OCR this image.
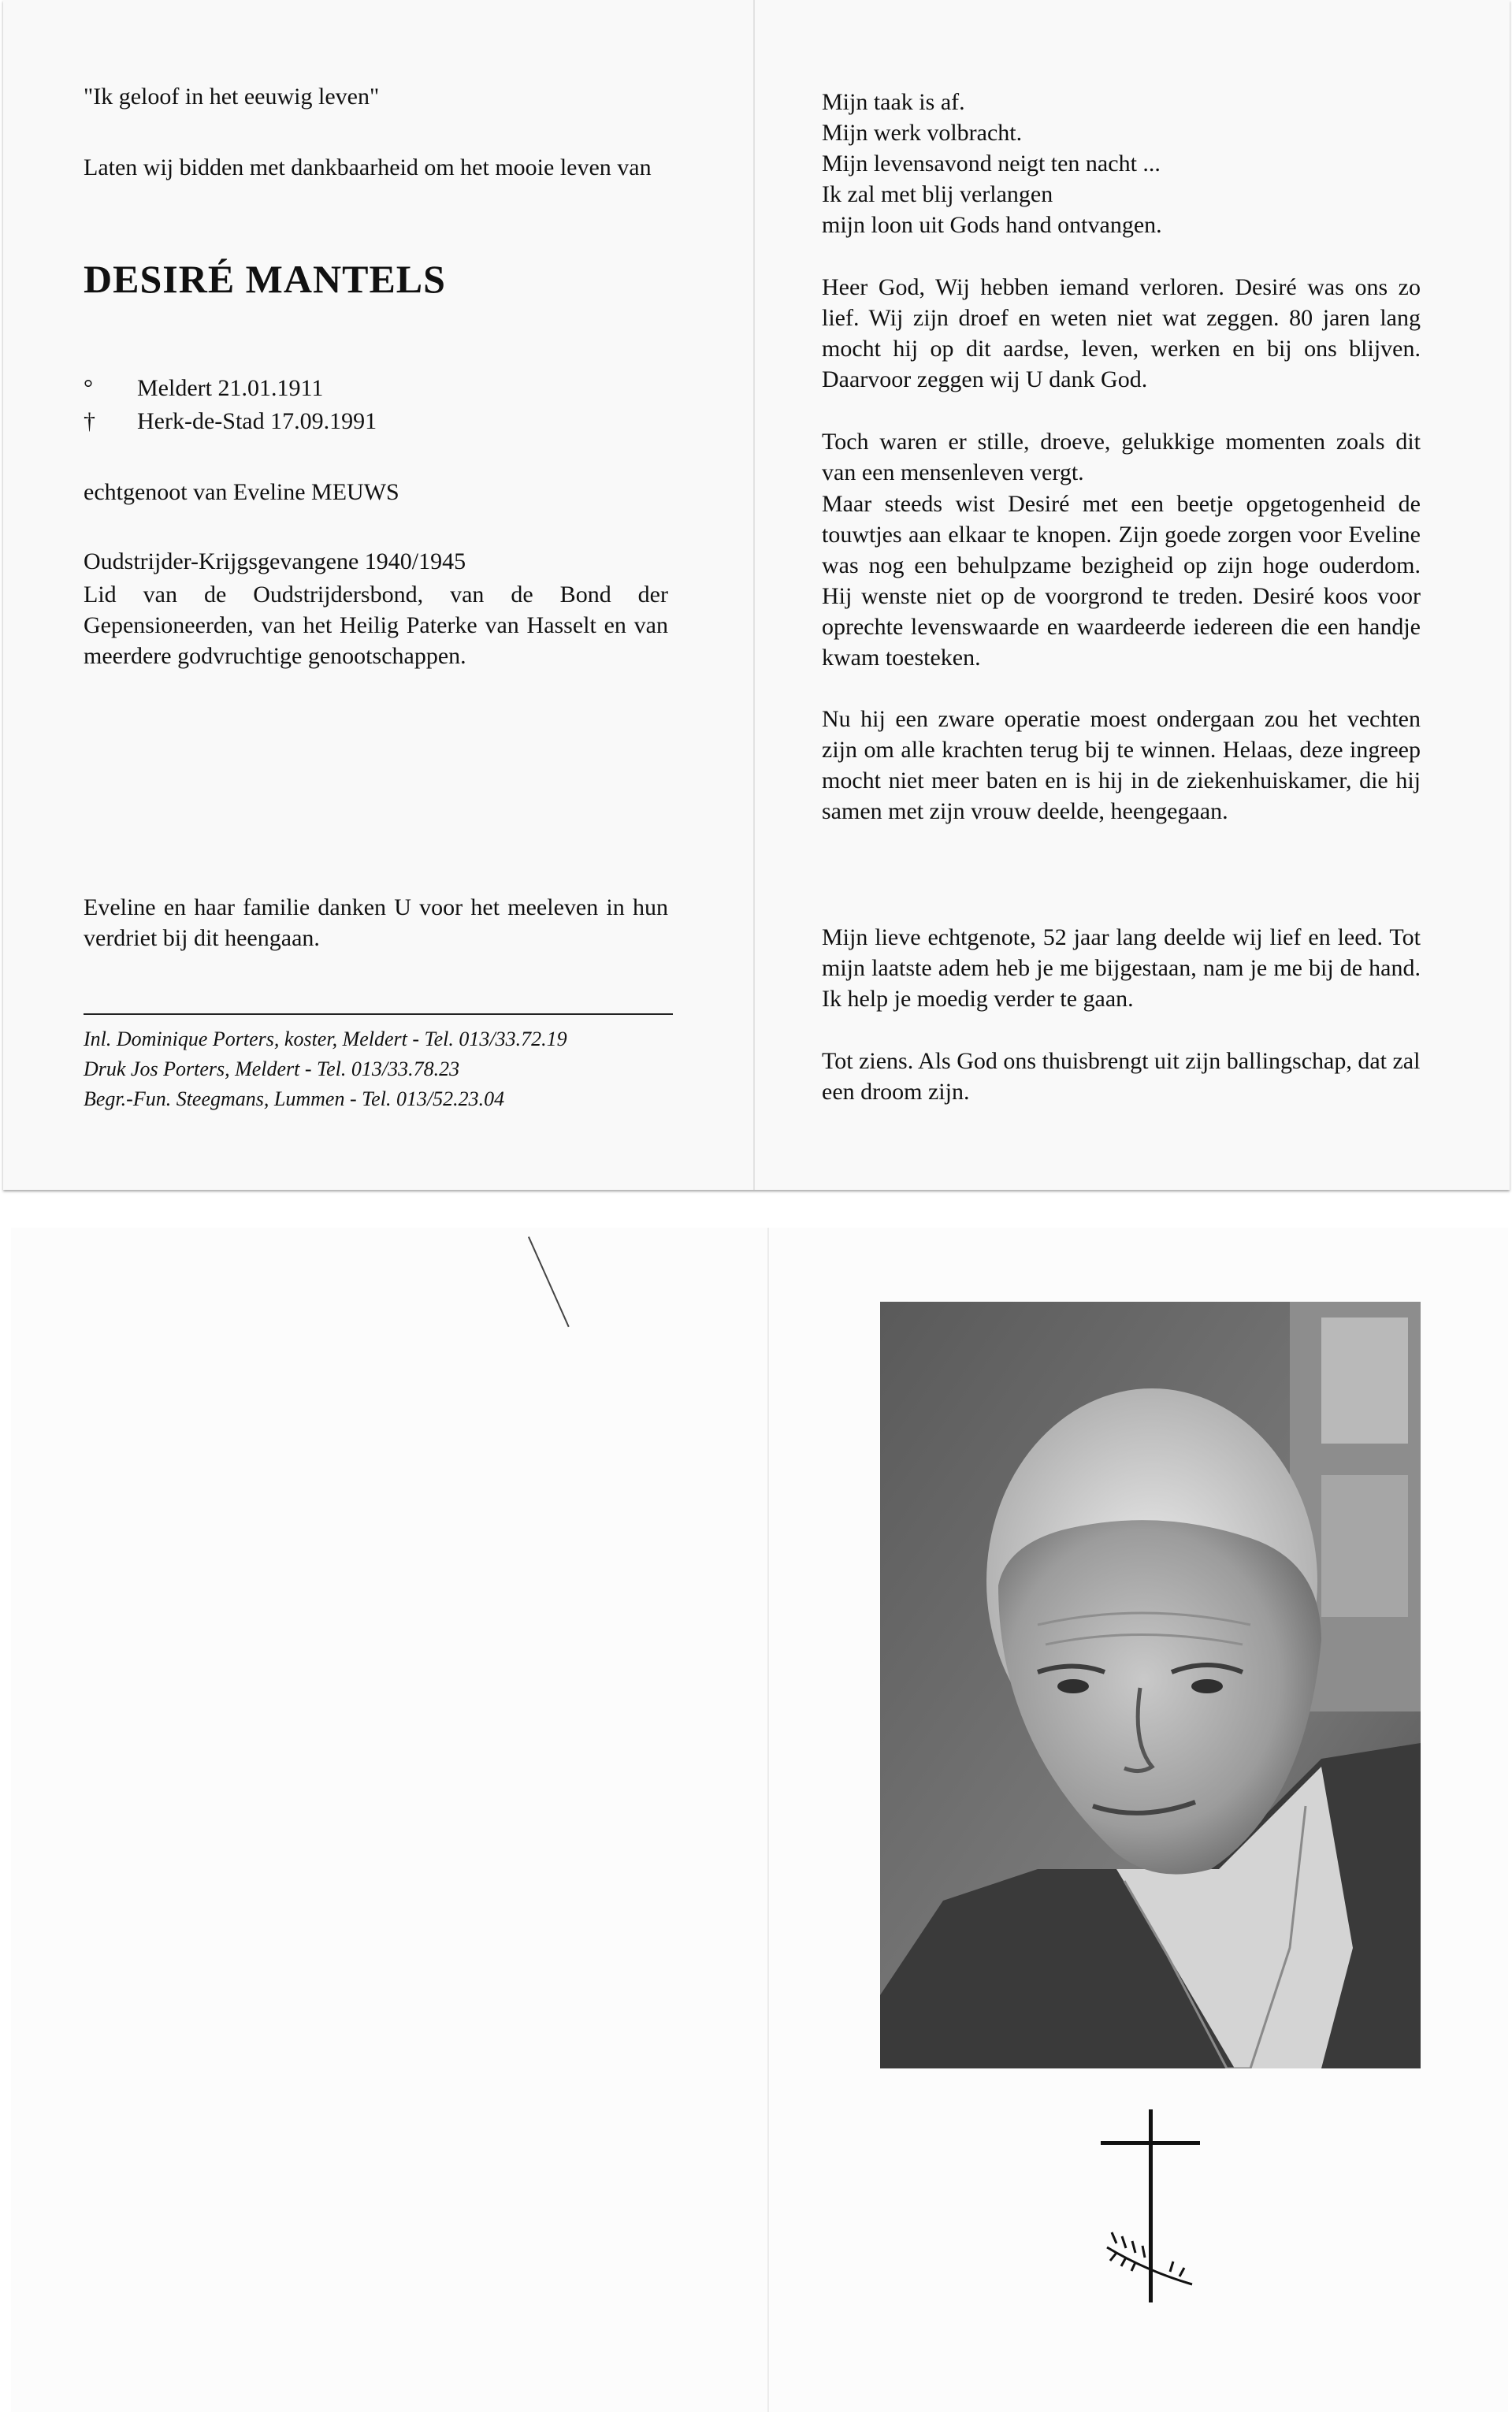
"Ik geloof in het eeuwig leven"
Laten wij bidden met dankbaarheid om het mooie leven van
DESIRÉ MANTELS
° Meldert 21.01.1911
† Herk-de-Stad 17.09.1991
echtgenoot van Eveline MEUWS
Oudstrijder-Krijgsgevangene 1940/1945
Lid van de Oudstrijdersbond, van de Bond der Gepensioneerden, van het Heilig Paterke van Hasselt en van meerdere godvruchtige genootschappen.
Eveline en haar familie danken U voor het meeleven in hun verdriet bij dit heengaan.
Inl. Dominique Porters, koster, Meldert - Tel. 013/33.72.19
Druk Jos Porters, Meldert - Tel. 013/33.78.23
Begr.-Fun. Steegmans, Lummen - Tel. 013/52.23.04
Mijn taak is af.
Mijn werk volbracht.
Mijn levensavond neigt ten nacht ...
Ik zal met blij verlangen
mijn loon uit Gods hand ontvangen.
Heer God, Wij hebben iemand verloren. Desiré was ons zo lief. Wij zijn droef en weten niet wat zeggen. 80 jaren lang mocht hij op dit aardse, leven, werken en bij ons blijven. Daarvoor zeggen wij U dank God.
Toch waren er stille, droeve, gelukkige momenten zoals dit van een mensenleven vergt.
Maar steeds wist Desiré met een beetje opgetogenheid de touwtjes aan elkaar te knopen. Zijn goede zorgen voor Eveline was nog een behulpzame bezigheid op zijn hoge ouderdom. Hij wenste niet op de voorgrond te treden. Desiré koos voor oprechte levenswaarde en waardeerde iedereen die een handje kwam toesteken.
Nu hij een zware operatie moest ondergaan zou het vechten zijn om alle krachten terug bij te winnen. Helaas, deze ingreep mocht niet meer baten en is hij in de ziekenhuiskamer, die hij samen met zijn vrouw deelde, heengegaan.
Mijn lieve echtgenote, 52 jaar lang deelde wij lief en leed. Tot mijn laatste adem heb je me bijgestaan, nam je me bij de hand. Ik help je moedig verder te gaan.
Tot ziens. Als God ons thuisbrengt uit zijn ballingschap, dat zal een droom zijn.
